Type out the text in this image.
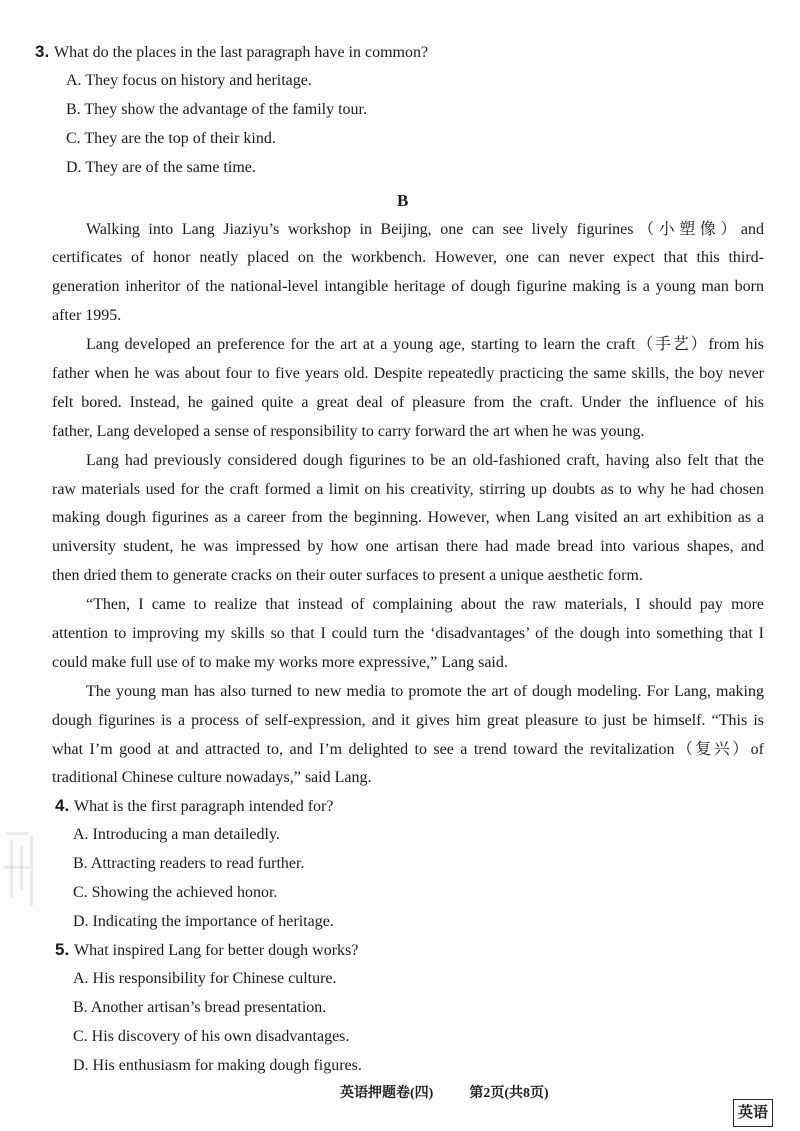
3. What do the places in the last paragraph have in common?
A. They focus on history and heritage.
B. They show the advantage of the family tour.
C. They are the top of their kind.
D. They are of the same time.
B
Walking into Lang Jiaziyu’s workshop in Beijing, one can see lively figurines（小塑像）and
certificates of honor neatly placed on the workbench. However, one can never expect that this third-
generation inheritor of the national-level intangible heritage of dough figurine making is a young man born
after 1995.
Lang developed an preference for the art at a young age, starting to learn the craft（手艺）from his
father when he was about four to five years old. Despite repeatedly practicing the same skills, the boy never
felt bored. Instead, he gained quite a great deal of pleasure from the craft. Under the influence of his
father, Lang developed a sense of responsibility to carry forward the art when he was young.
Lang had previously considered dough figurines to be an old-fashioned craft, having also felt that the
raw materials used for the craft formed a limit on his creativity, stirring up doubts as to why he had chosen
making dough figurines as a career from the beginning. However, when Lang visited an art exhibition as a
university student, he was impressed by how one artisan there had made bread into various shapes, and
then dried them to generate cracks on their outer surfaces to present a unique aesthetic form.
“Then, I came to realize that instead of complaining about the raw materials, I should pay more
attention to improving my skills so that I could turn the ‘disadvantages’ of the dough into something that I
could make full use of to make my works more expressive,” Lang said.
The young man has also turned to new media to promote the art of dough modeling. For Lang, making
dough figurines is a process of self-expression, and it gives him great pleasure to just be himself. “This is
what I’m good at and attracted to, and I’m delighted to see a trend toward the revitalization（复兴）of
traditional Chinese culture nowadays,” said Lang.
4. What is the first paragraph intended for?
A. Introducing a man detailedly.
B. Attracting readers to read further.
C. Showing the achieved honor.
D. Indicating the importance of heritage.
5. What inspired Lang for better dough works?
A. His responsibility for Chinese culture.
B. Another artisan’s bread presentation.
C. His discovery of his own disadvantages.
D. His enthusiasm for making dough figures.
英语押题卷(四)	第2页(共8页)
英语
